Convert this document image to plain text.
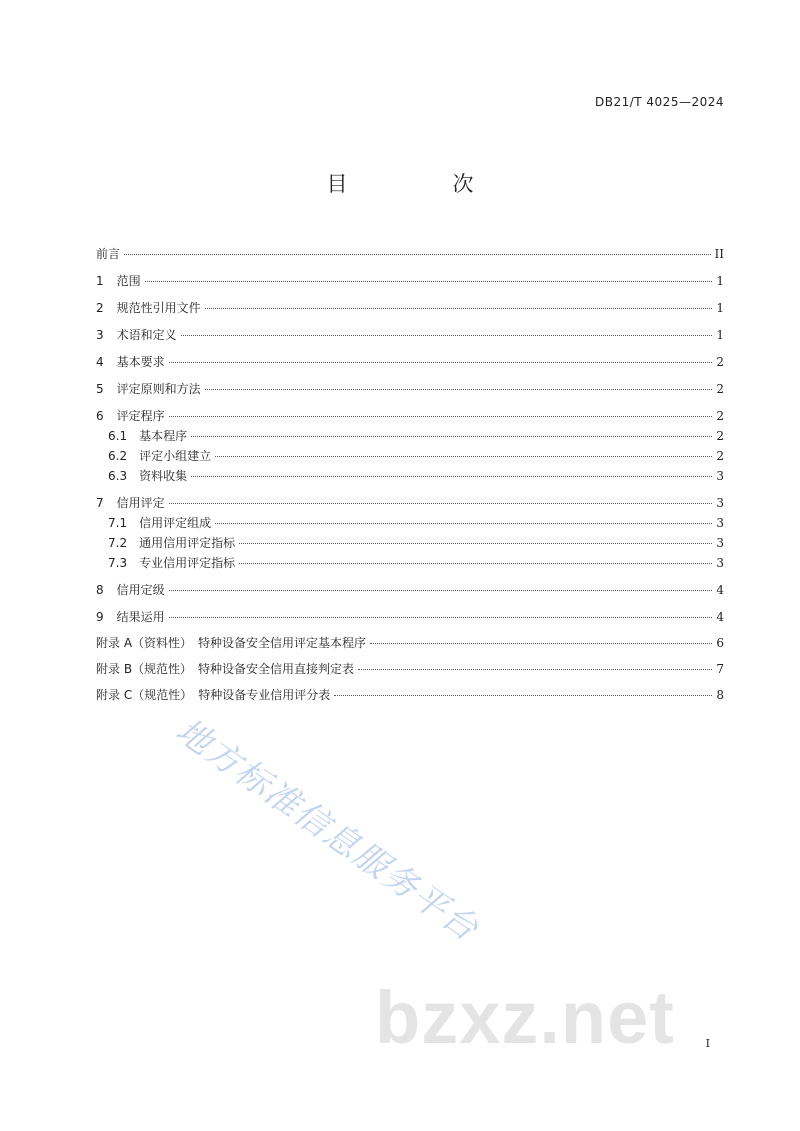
DB21/T 4025—2024
目　次
前言	II
1 范围	1
2 规范性引用文件	1
3 术语和定义	1
4 基本要求	2
5 评定原则和方法	2
6 评定程序	2
6.1 基本程序	2
6.2 评定小组建立	2
6.3 资料收集	3
7 信用评定	3
7.1 信用评定组成	3
7.2 通用信用评定指标	3
7.3 专业信用评定指标	3
8 信用定级	4
9 结果运用	4
附录 A（资料性）　特种设备安全信用评定基本程序	6
附录 B（规范性）　特种设备安全信用直接判定表	7
附录 C（规范性）　特种设备专业信用评分表	8
I
地方标准信息服务平台
bzxz.net
